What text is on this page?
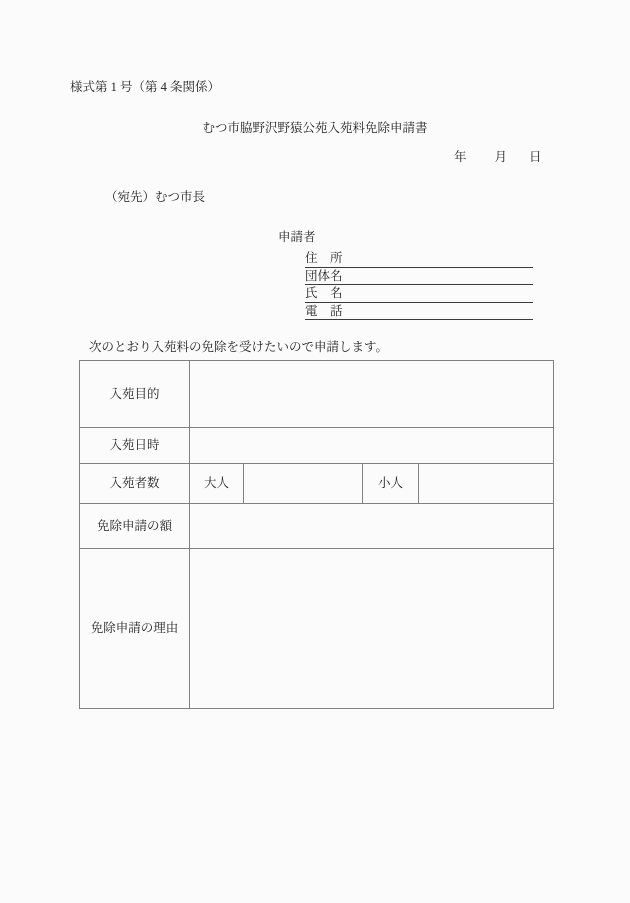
様式第 1 号（第 4 条関係）
むつ市脇野沢野猿公苑入苑料免除申請書
年 月 日
（宛先）むつ市長
申請者
住　所
団体名
氏　名
電　話
次のとおり入苑料の免除を受けたいので申請します。
入苑目的				
入苑日時				
入苑者数	大人		小人	
免除申請の額				
免除申請の理由				
